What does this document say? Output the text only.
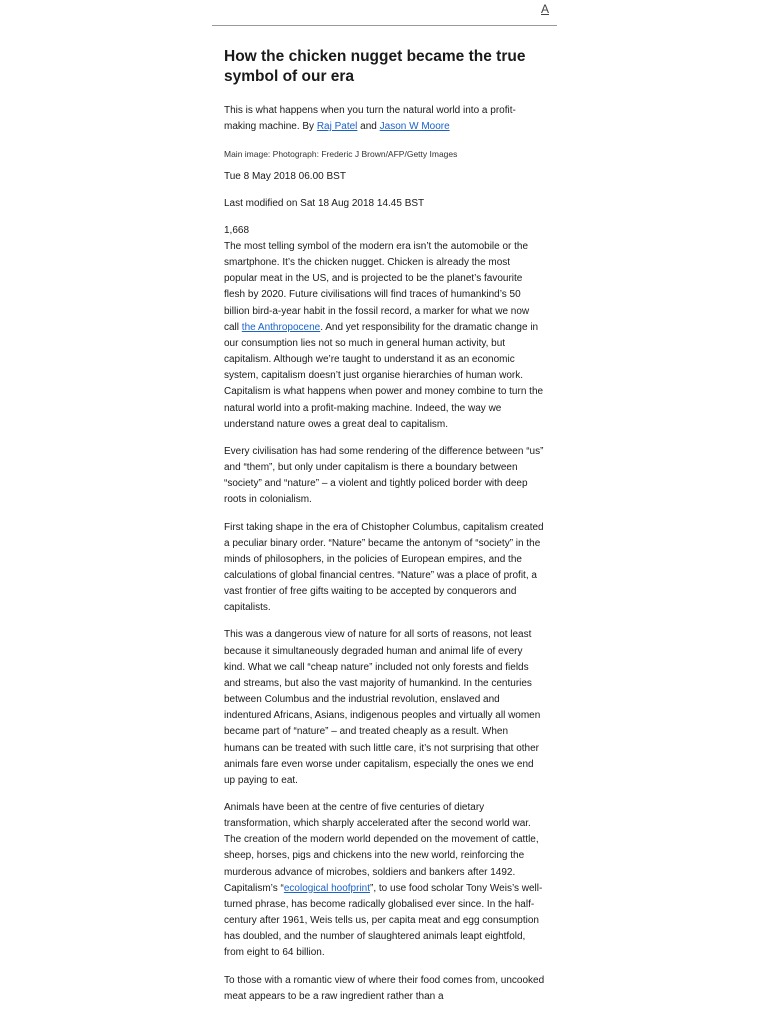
A
How the chicken nugget became the true symbol of our era

This is what happens when you turn the natural world into a profit-making machine. By Raj Patel and Jason W Moore

Main image: Photograph: Frederic J Brown/AFP/Getty Images

Tue 8 May 2018 06.00 BST

Last modified on Sat 18 Aug 2018 14.45 BST

1,668

The most telling symbol of the modern era isn’t the automobile or the smartphone. It’s the chicken nugget. Chicken is already the most popular meat in the US, and is projected to be the planet’s favourite flesh by 2020. Future civilisations will find traces of humankind’s 50 billion bird-a-year habit in the fossil record, a marker for what we now call the Anthropocene. And yet responsibility for the dramatic change in our consumption lies not so much in general human activity, but capitalism. Although we’re taught to understand it as an economic system, capitalism doesn’t just organise hierarchies of human work. Capitalism is what happens when power and money combine to turn the natural world into a profit-making machine. Indeed, the way we understand nature owes a great deal to capitalism.

Every civilisation has had some rendering of the difference between “us” and “them”, but only under capitalism is there a boundary between “society” and “nature” – a violent and tightly policed border with deep roots in colonialism.

First taking shape in the era of Chistopher Columbus, capitalism created a peculiar binary order. “Nature” became the antonym of “society” in the minds of philosophers, in the policies of European empires, and the calculations of global financial centres. “Nature” was a place of profit, a vast frontier of free gifts waiting to be accepted by conquerors and capitalists.

This was a dangerous view of nature for all sorts of reasons, not least because it simultaneously degraded human and animal life of every kind. What we call “cheap nature” included not only forests and fields and streams, but also the vast majority of humankind. In the centuries between Columbus and the industrial revolution, enslaved and indentured Africans, Asians, indigenous peoples and virtually all women became part of “nature” – and treated cheaply as a result. When humans can be treated with such little care, it’s not surprising that other animals fare even worse under capitalism, especially the ones we end up paying to eat.

Animals have been at the centre of five centuries of dietary transformation, which sharply accelerated after the second world war. The creation of the modern world depended on the movement of cattle, sheep, horses, pigs and chickens into the new world, reinforcing the murderous advance of microbes, soldiers and bankers after 1492. Capitalism’s “ecological hoofprint”, to use food scholar Tony Weis’s well-turned phrase, has become radically globalised ever since. In the half-century after 1961, Weis tells us, per capita meat and egg consumption has doubled, and the number of slaughtered animals leapt eightfold, from eight to 64 billion.

To those with a romantic view of where their food comes from, uncooked meat appears to be a raw ingredient rather than a
